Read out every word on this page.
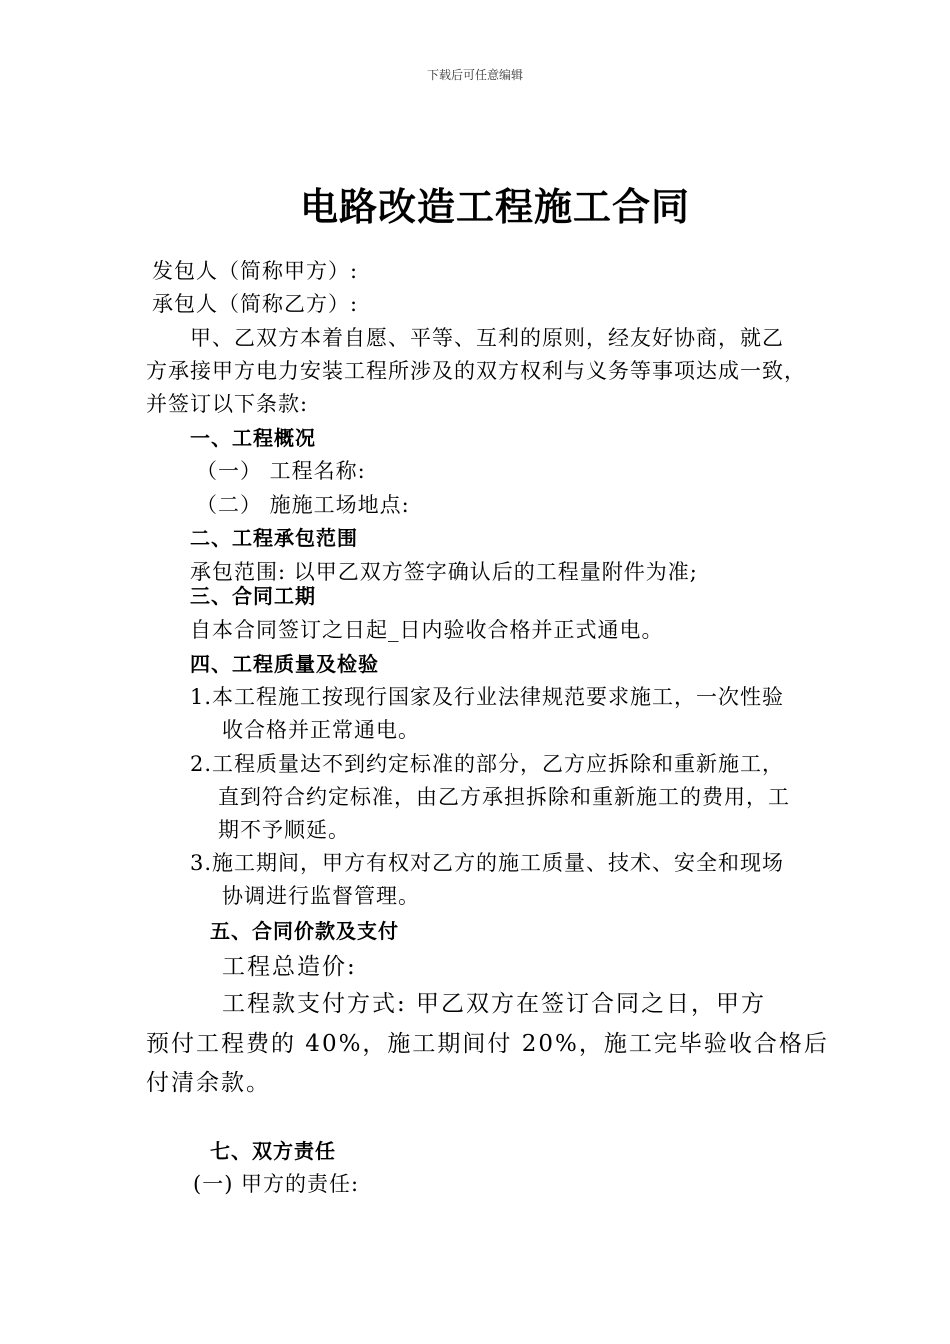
下载后可任意编辑
电路改造工程施工合同
发包人（简称甲方）:
承包人（简称乙方）:
甲、乙双方本着自愿、平等、互利的原则，经友好协商，就乙
方承接甲方电力安装工程所涉及的双方权利与义务等事项达成一致，
并签订以下条款:
一、工程概况
（一） 工程名称:
（二） 施施工场地点:
二、工程承包范围
承包范围: 以甲乙双方签字确认后的工程量附件为准;
三、合同工期
自本合同签订之日起_日内验收合格并正式通电。
四、工程质量及检验
1.本工程施工按现行国家及行业法律规范要求施工，一次性验
收合格并正常通电。
2.工程质量达不到约定标准的部分，乙方应拆除和重新施工，
直到符合约定标准，由乙方承担拆除和重新施工的费用，工
期不予顺延。
3.施工期间，甲方有权对乙方的施工质量、技术、安全和现场
协调进行监督管理。
五、合同价款及支付
工程总造价:
工程款支付方式: 甲乙双方在签订合同之日，甲方
预付工程费的 40%，施工期间付 20%，施工完毕验收合格后
付清余款。
七、双方责任
(一) 甲方的责任:
